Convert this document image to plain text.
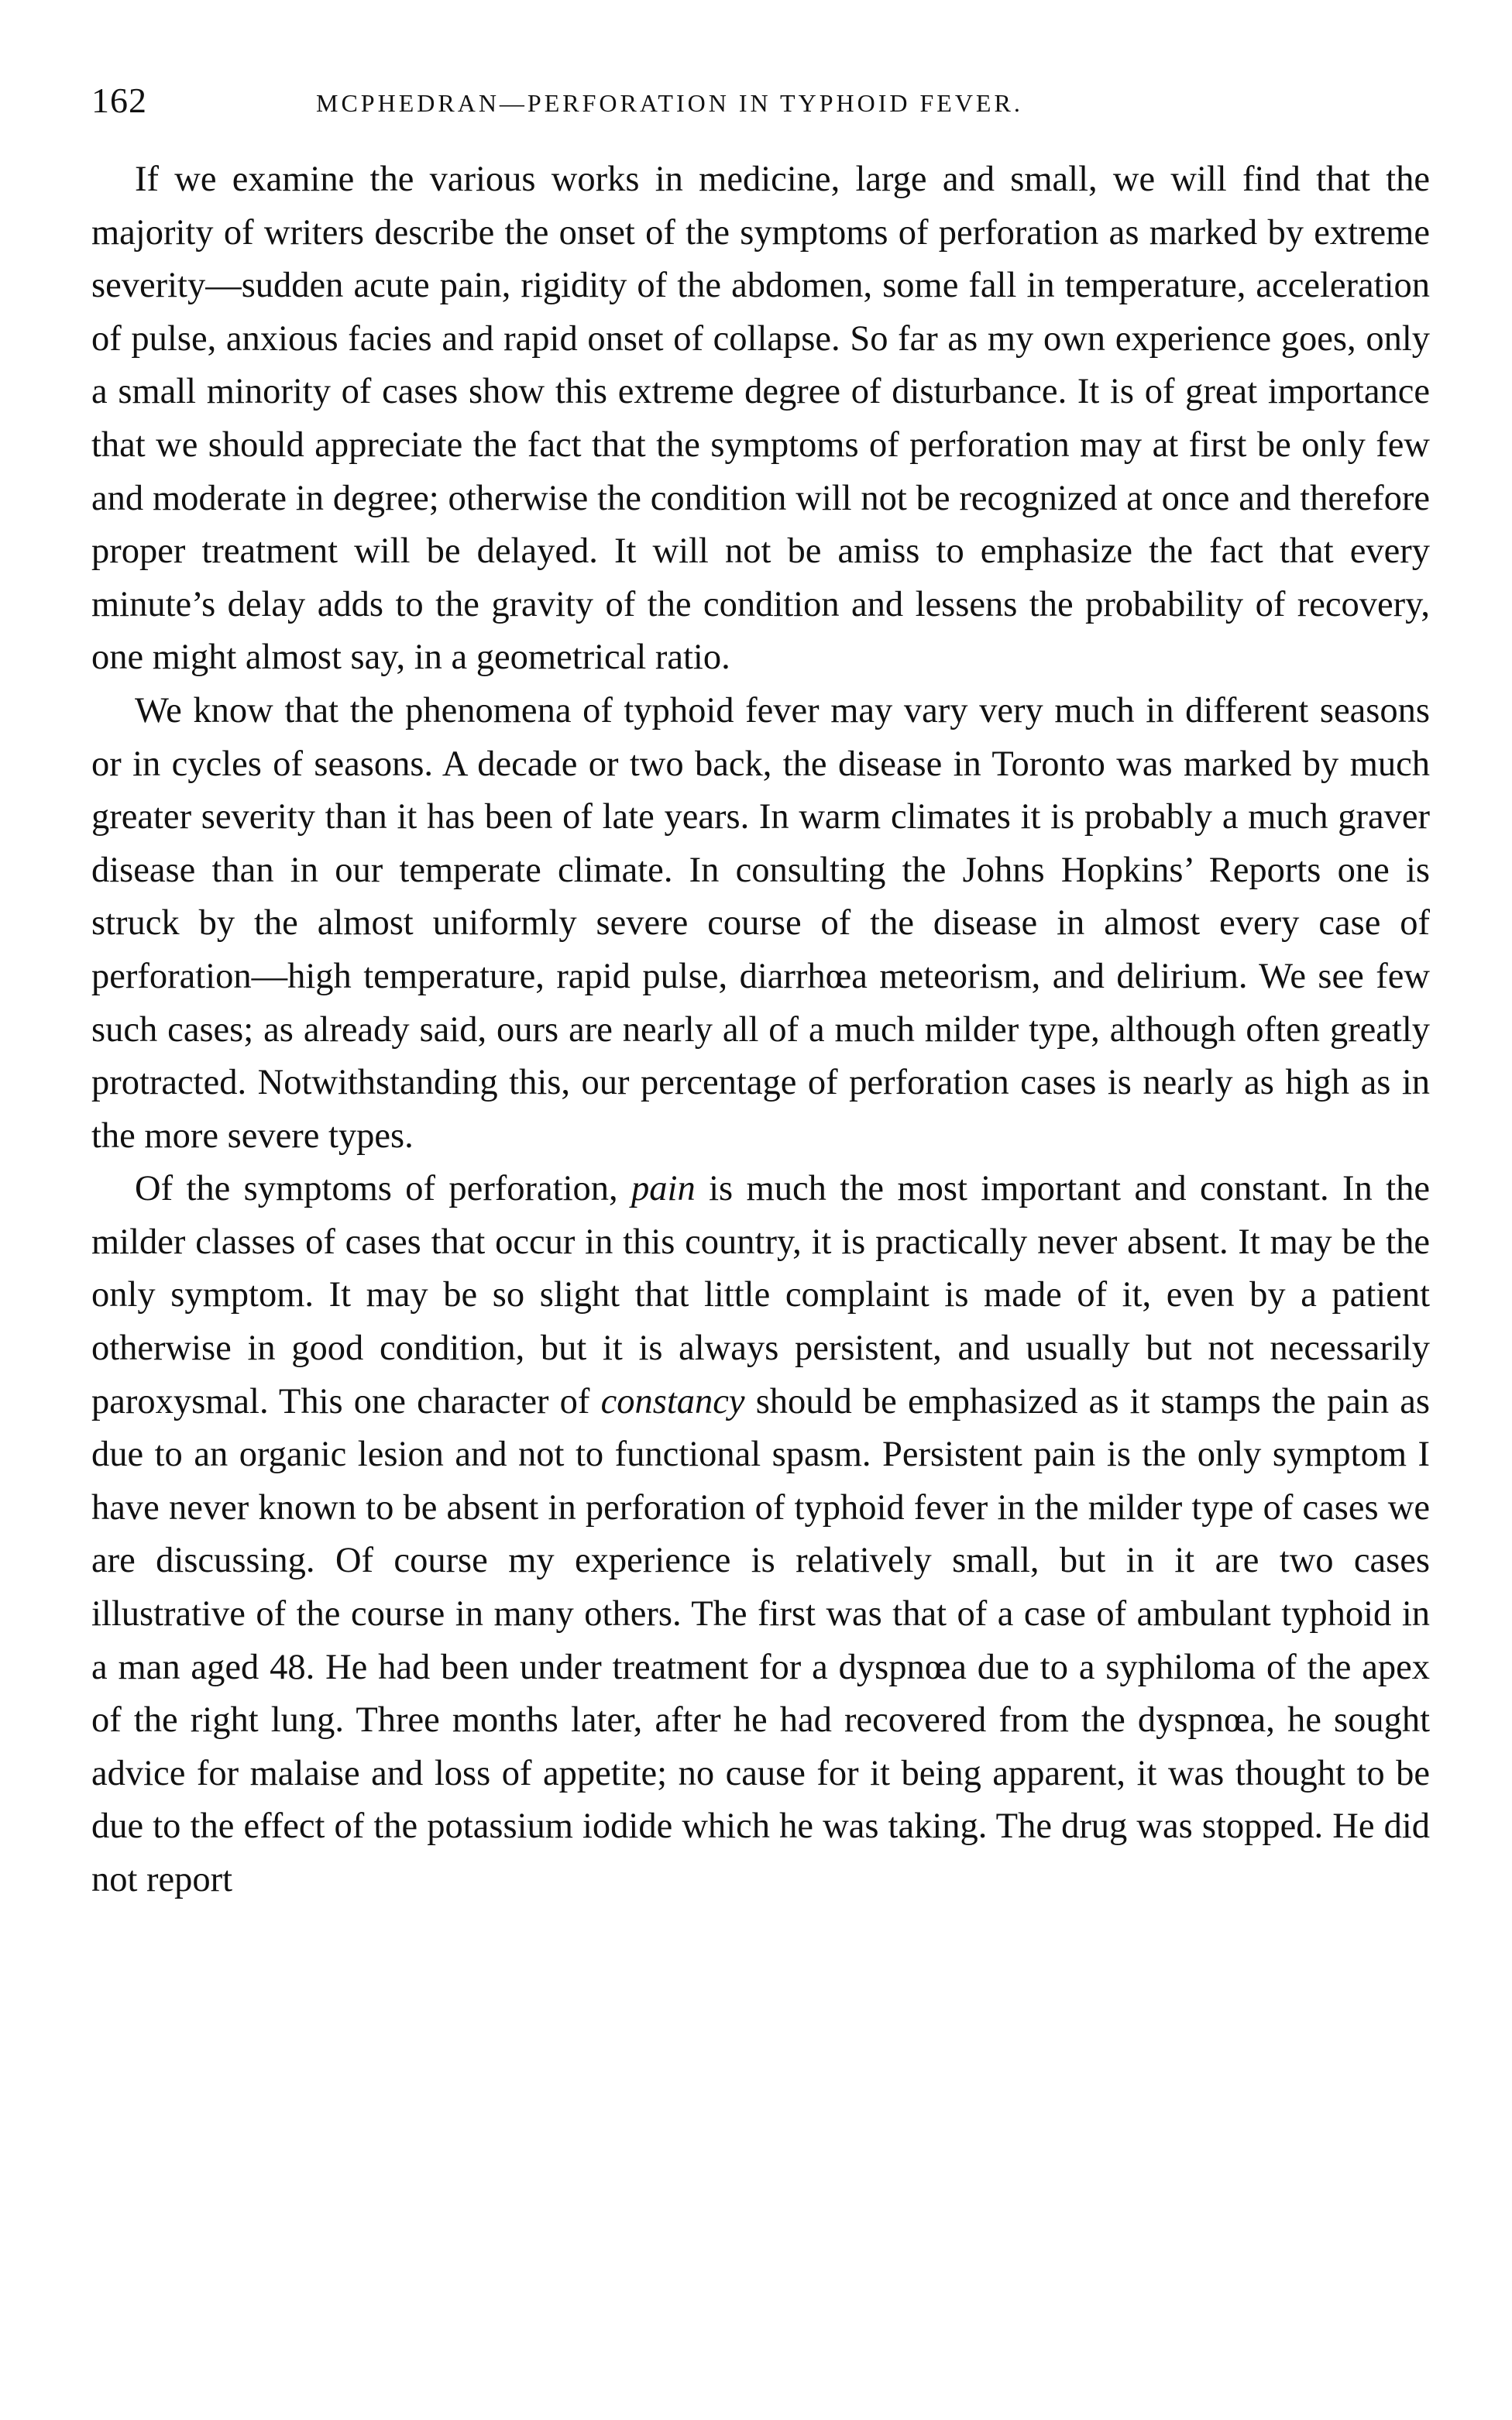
162	MCPHEDRAN—PERFORATION IN TYPHOID FEVER.

If we examine the various works in medicine, large and small, we will find that the majority of writers describe the onset of the symptoms of perforation as marked by extreme severity—sudden acute pain, rigidity of the abdomen, some fall in temperature, acceleration of pulse, anxious facies and rapid onset of collapse. So far as my own experience goes, only a small minority of cases show this extreme degree of disturbance. It is of great importance that we should appreciate the fact that the symptoms of perforation may at first be only few and moderate in degree; otherwise the condition will not be recognized at once and therefore proper treatment will be delayed. It will not be amiss to emphasize the fact that every minute’s delay adds to the gravity of the condition and lessens the probability of recovery, one might almost say, in a geometrical ratio.

We know that the phenomena of typhoid fever may vary very much in different seasons or in cycles of seasons. A decade or two back, the disease in Toronto was marked by much greater severity than it has been of late years. In warm climates it is probably a much graver disease than in our temperate climate. In consulting the Johns Hopkins’ Reports one is struck by the almost uniformly severe course of the disease in almost every case of perforation—high temperature, rapid pulse, diarrhœa meteorism, and delirium. We see few such cases; as already said, ours are nearly all of a much milder type, although often greatly protracted. Notwithstanding this, our percentage of perforation cases is nearly as high as in the more severe types.

Of the symptoms of perforation, pain is much the most important and constant. In the milder classes of cases that occur in this country, it is practically never absent. It may be the only symptom. It may be so slight that little complaint is made of it, even by a patient otherwise in good condition, but it is always persistent, and usually but not necessarily paroxysmal. This one character of constancy should be emphasized as it stamps the pain as due to an organic lesion and not to functional spasm. Persistent pain is the only symptom I have never known to be absent in perforation of typhoid fever in the milder type of cases we are discussing. Of course my experience is relatively small, but in it are two cases illustrative of the course in many others. The first was that of a case of ambulant typhoid in a man aged 48. He had been under treatment for a dyspnœa due to a syphiloma of the apex of the right lung. Three months later, after he had recovered from the dyspnœa, he sought advice for malaise and loss of appetite; no cause for it being apparent, it was thought to be due to the effect of the potassium iodide which he was taking. The drug was stopped. He did not report
